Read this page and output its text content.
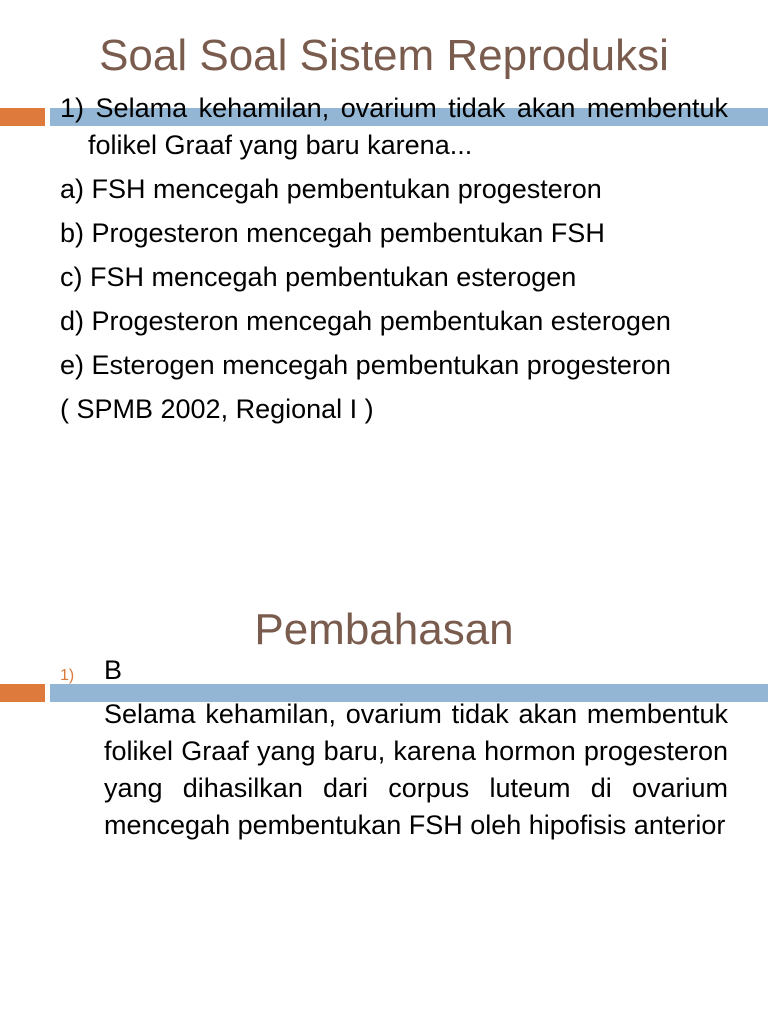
Soal Soal Sistem Reproduksi

1) Selama kehamilan, ovarium tidak akan membentuk folikel Graaf yang baru karena...

a) FSH mencegah pembentukan progesteron

b) Progesteron mencegah pembentukan FSH

c) FSH mencegah pembentukan esterogen

d) Progesteron mencegah pembentukan esterogen

e) Esterogen mencegah pembentukan progesteron

( SPMB 2002, Regional I )

Pembahasan
1) B

Selama kehamilan, ovarium tidak akan membentuk folikel Graaf yang baru, karena hormon progesteron yang dihasilkan dari corpus luteum di ovarium mencegah pembentukan FSH oleh hipofisis anterior
